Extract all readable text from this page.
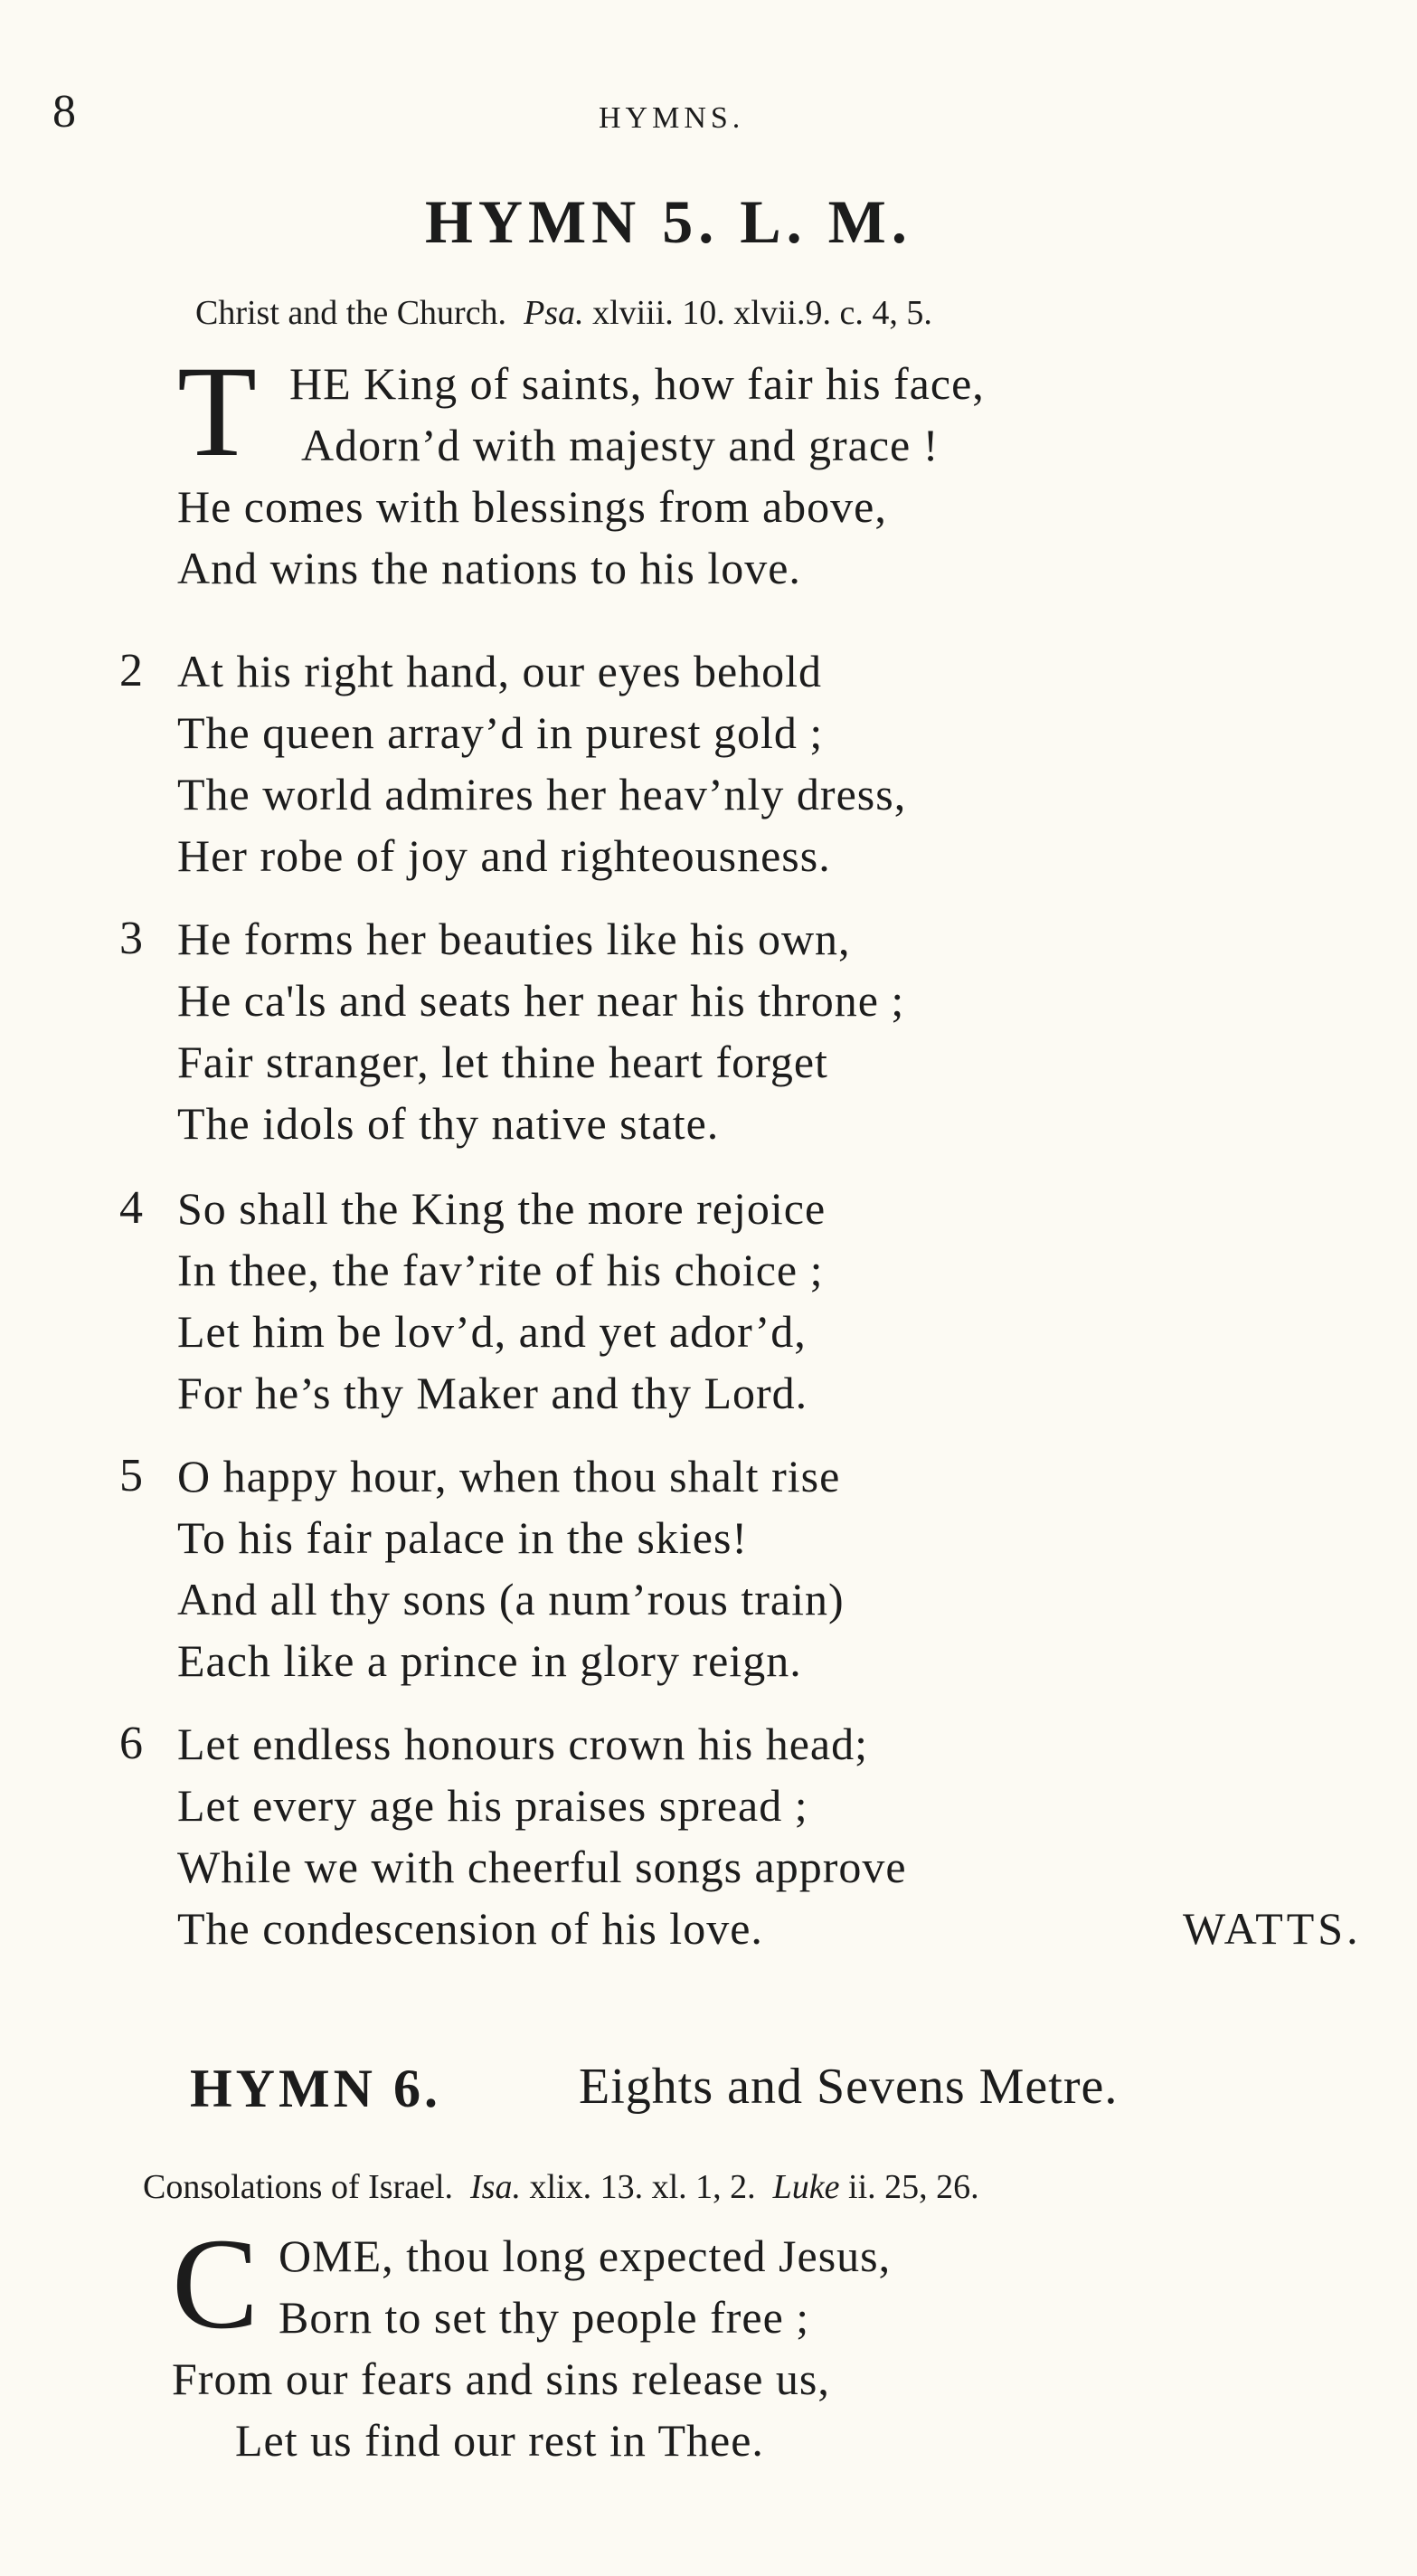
8	HYMNS.
HYMN 5. L. M.
Christ and the Church. Psa. xlviii. 10. xlvii.9. c. 4, 5.
T HE King of saints, how fair his face,
Adorn’d with majesty and grace !
He comes with blessings from above,
And wins the nations to his love.
2 At his right hand, our eyes behold
The queen array’d in purest gold ;
The world admires her heav’nly dress,
Her robe of joy and righteousness.
3 He forms her beauties like his own,
He ca'ls and seats her near his throne ;
Fair stranger, let thine heart forget
The idols of thy native state.
4 So shall the King the more rejoice
In thee, the fav’rite of his choice ;
Let him be lov’d, and yet ador’d,
For he’s thy Maker and thy Lord.
5 O happy hour, when thou shalt rise
To his fair palace in the skies!
And all thy sons (a num’rous train)
Each like a prince in glory reign.
6 Let endless honours crown his head;
Let every age his praises spread ;
While we with cheerful songs approve
The condescension of his love.	WATTS.
HYMN 6.	Eights and Sevens Metre.
Consolations of Israel. Isa. xlix. 13. xl. 1, 2. Luke ii. 25, 26.
C OME, thou long expected Jesus,
Born to set thy people free ;
From our fears and sins release us,
Let us find our rest in Thee.
